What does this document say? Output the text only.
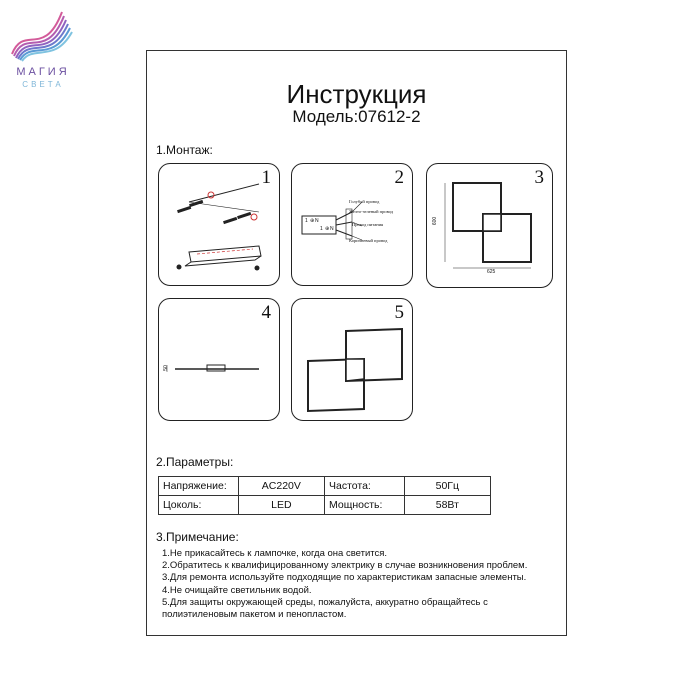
МАГИЯ
СВЕТА	Инструкция
Модель:07612-2
1.Монтаж:
1	2
1 ⊕ N
1 ⊕ N
Голубой провод
Желто-зеленый провод
Провод питания
Коричневый провод
3
600
625
4
50
5
2.Параметры:
Напряжение:	AC220V	Частота:	50Гц
Цоколь:	LED	Мощность:	58Вт
3.Примечание:
1.Не прикасайтесь к лампочке, когда она светится.
2.Обратитесь к квалифицированному электрику в случае возникновения проблем.
3.Для ремонта используйте подходящие по характеристикам запасные элементы.
4.Не очищайте светильник водой.
5.Для защиты окружающей среды, пожалуйста, аккуратно обращайтесь с
полиэтиленовым пакетом и пенопластом.
